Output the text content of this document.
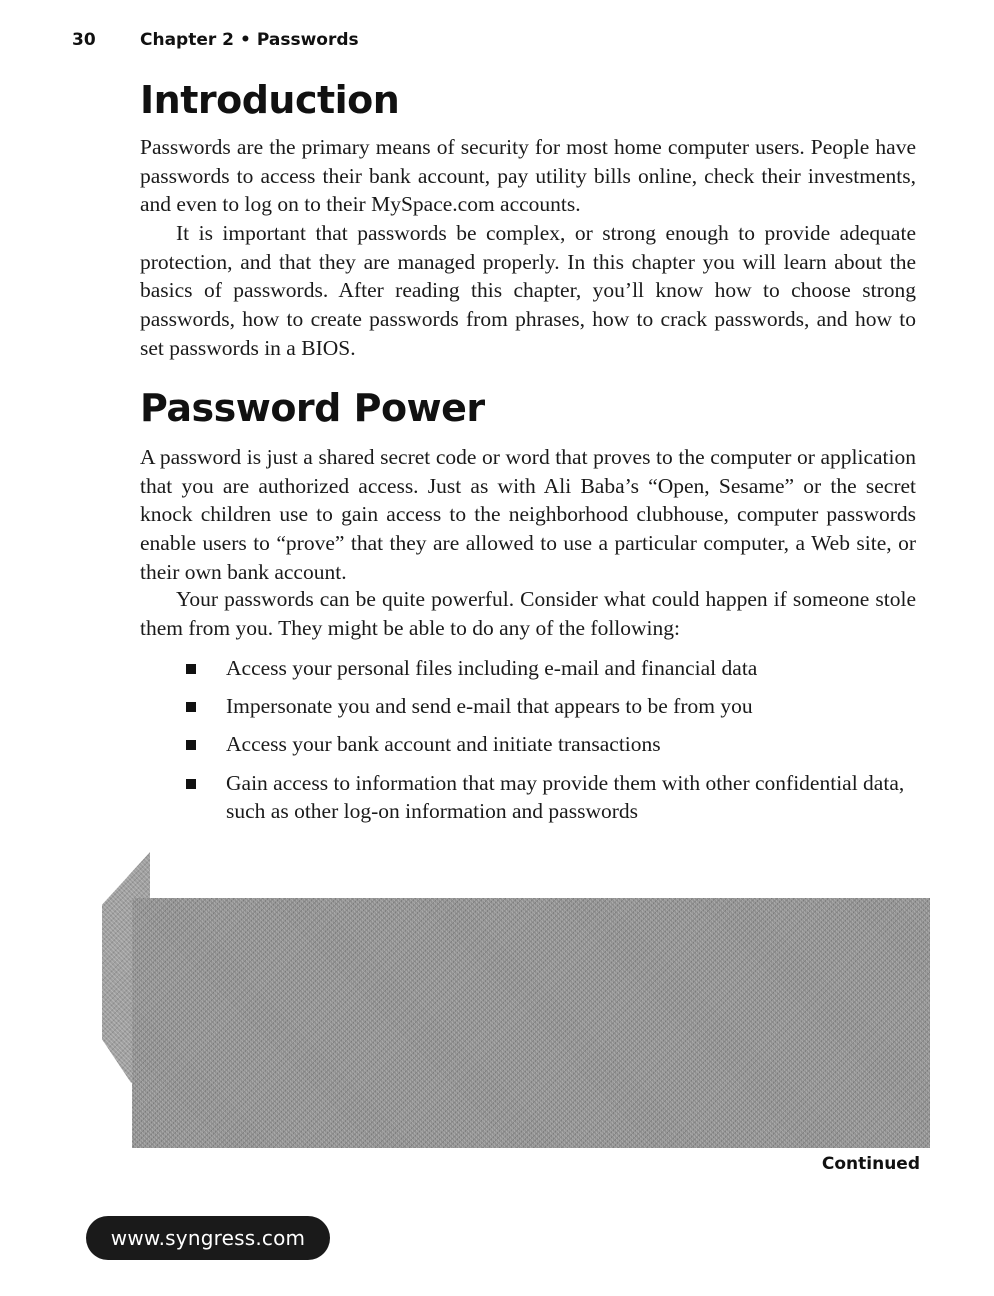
30	Chapter 2 • Passwords
Introduction

Passwords are the primary means of security for most home computer users. People have passwords to access their bank account, pay utility bills online, check their investments, and even to log on to their MySpace.com accounts.

It is important that passwords be complex, or strong enough to provide adequate protection, and that they are managed properly. In this chapter you will learn about the basics of passwords. After reading this chapter, you’ll know how to choose strong passwords, how to create passwords from phrases, how to crack passwords, and how to set passwords in a BIOS.

Password Power

A password is just a shared secret code or word that proves to the computer or application that you are authorized access. Just as with Ali Baba’s “Open, Sesame” or the secret knock children use to gain access to the neighborhood clubhouse, computer passwords enable users to “prove” that they are allowed to use a particular computer, a Web site, or their own bank account.

Your passwords can be quite powerful. Consider what could happen if someone stole them from you. They might be able to do any of the following:

Access your personal files including e-mail and financial data
Impersonate you and send e-mail that appears to be from you
Access your bank account and initiate transactions
Gain access to information that may provide them with other confidential data, such as other log-on information and passwords
Continued
www.syngress.com
